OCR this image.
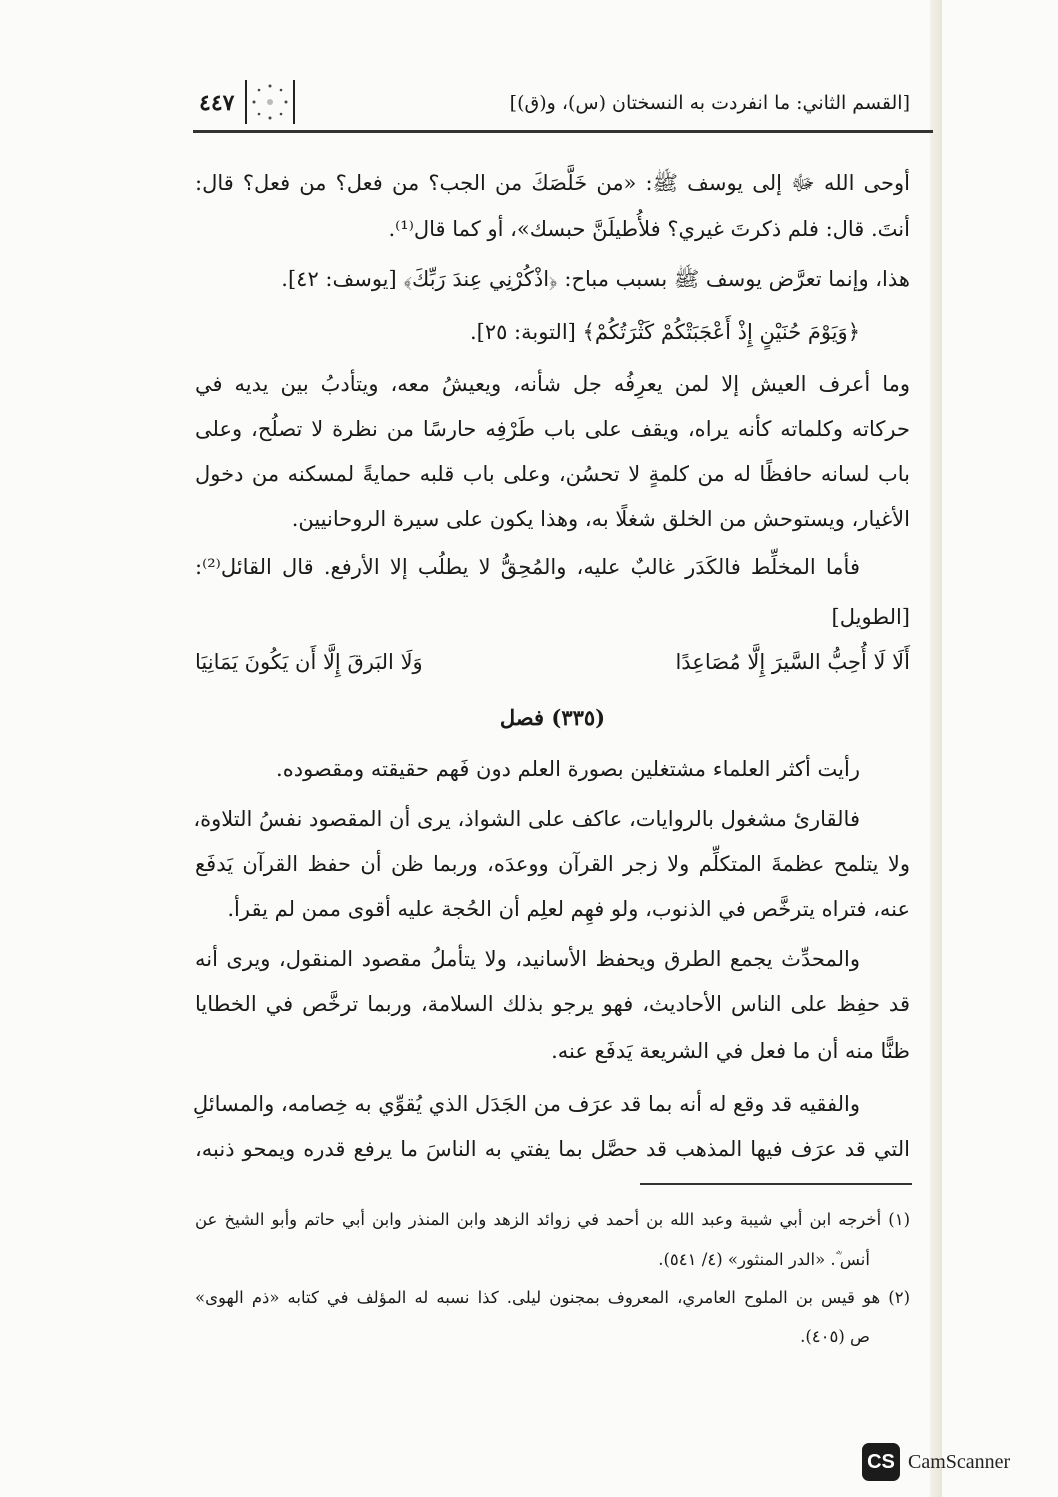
[القسم الثاني: ما انفردت به النسختان (س)، و(ق)]
٤٤٧
أوحى الله ﷻ إلى يوسف ﷺ: «من خَلَّصَكَ من الجب؟ من فعل؟ من فعل؟ قال:
أنتَ. قال: فلم ذكرتَ غيري؟ فلأُطيلَنَّ حبسك»، أو كما قال⁽¹⁾.
هذا، وإنما تعرَّض يوسف ﷺ بسبب مباح: ﴿اذْكُرْنِي عِندَ رَبِّكَ﴾ [يوسف: ٤٢].
﴿وَيَوْمَ حُنَيْنٍ إِذْ أَعْجَبَتْكُمْ كَثْرَتُكُمْ﴾ [التوبة: ٢٥].
وما أعرف العيش إلا لمن يعرِفُه جل شأنه، ويعيشُ معه، ويتأدبُ بين يديه في
حركاته وكلماته كأنه يراه، ويقف على باب طَرْفِه حارسًا من نظرة لا تصلُح، وعلى
باب لسانه حافظًا له من كلمةٍ لا تحسُن، وعلى باب قلبه حمايةً لمسكنه من دخول
الأغيار، ويستوحش من الخلق شغلًا به، وهذا يكون على سيرة الروحانيين.
فأما المخلِّط فالكَدَر غالبٌ عليه، والمُحِقُّ لا يطلُب إلا الأرفع. قال القائل⁽²⁾:
[الطويل]
أَلَا لَا أُحِبُّ السَّيرَ إِلَّا مُصَاعِدًا
وَلَا البَرقَ إِلَّا أَن يَكُونَ يَمَانِيَا
(٣٣٥) فصل
رأيت أكثر العلماء مشتغلين بصورة العلم دون فَهم حقيقته ومقصوده.
فالقارئ مشغول بالروايات، عاكف على الشواذ، يرى أن المقصود نفسُ التلاوة،
ولا يتلمح عظمةَ المتكلِّم ولا زجر القرآن ووعدَه، وربما ظن أن حفظ القرآن يَدفَع
عنه، فتراه يترخَّص في الذنوب، ولو فهِم لعلِم أن الحُجة عليه أقوى ممن لم يقرأ.
والمحدِّث يجمع الطرق ويحفظ الأسانيد، ولا يتأملُ مقصود المنقول، ويرى أنه
قد حفِظ على الناس الأحاديث، فهو يرجو بذلك السلامة، وربما ترخَّص في الخطايا
ظنًّا منه أن ما فعل في الشريعة يَدفَع عنه.
والفقيه قد وقع له أنه بما قد عرَف من الجَدَل الذي يُقوِّي به خِصامه، والمسائلِ
التي قد عرَف فيها المذهب قد حصَّل بما يفتي به الناسَ ما يرفع قدره ويمحو ذنبه،
(١) أخرجه ابن أبي شيبة وعبد الله بن أحمد في زوائد الزهد وابن المنذر وابن أبي حاتم وأبو الشيخ عن
أنس ؓ. «الدر المنثور» (٤/ ٥٤١).
(٢) هو قيس بن الملوح العامري، المعروف بمجنون ليلى. كذا نسبه له المؤلف في كتابه «ذم الهوى»
ص (٤٠٥).
CS CamScanner
